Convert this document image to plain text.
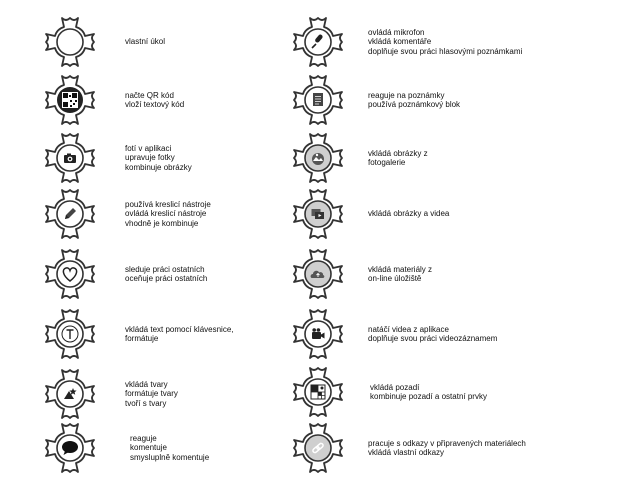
vlastní úkol
načte QR kód
vloží textový kód
fotí v aplikaci
upravuje fotky
kombinuje obrázky
používá kreslicí nástroje
ovládá kreslicí nástroje
vhodně je kombinuje
sleduje práci ostatních
oceňuje práci ostatních
vkládá text pomocí klávesnice,
formátuje
vkládá tvary
formátuje tvary
tvoří s tvary
reaguje
komentuje
smysluplně komentuje
ovládá mikrofon
vkládá komentáře
doplňuje svou práci hlasovými poznámkami
reaguje na poznámky
používá poznámkový blok
vkládá obrázky z
fotogalerie
vkládá obrázky a videa
vkládá materiály z
on-line úložiště
natáčí videa z aplikace
doplňuje svou práci videozáznamem
vkládá pozadí
kombinuje pozadí a ostatní prvky
pracuje s odkazy v připravených materiálech
vkládá vlastní odkazy
